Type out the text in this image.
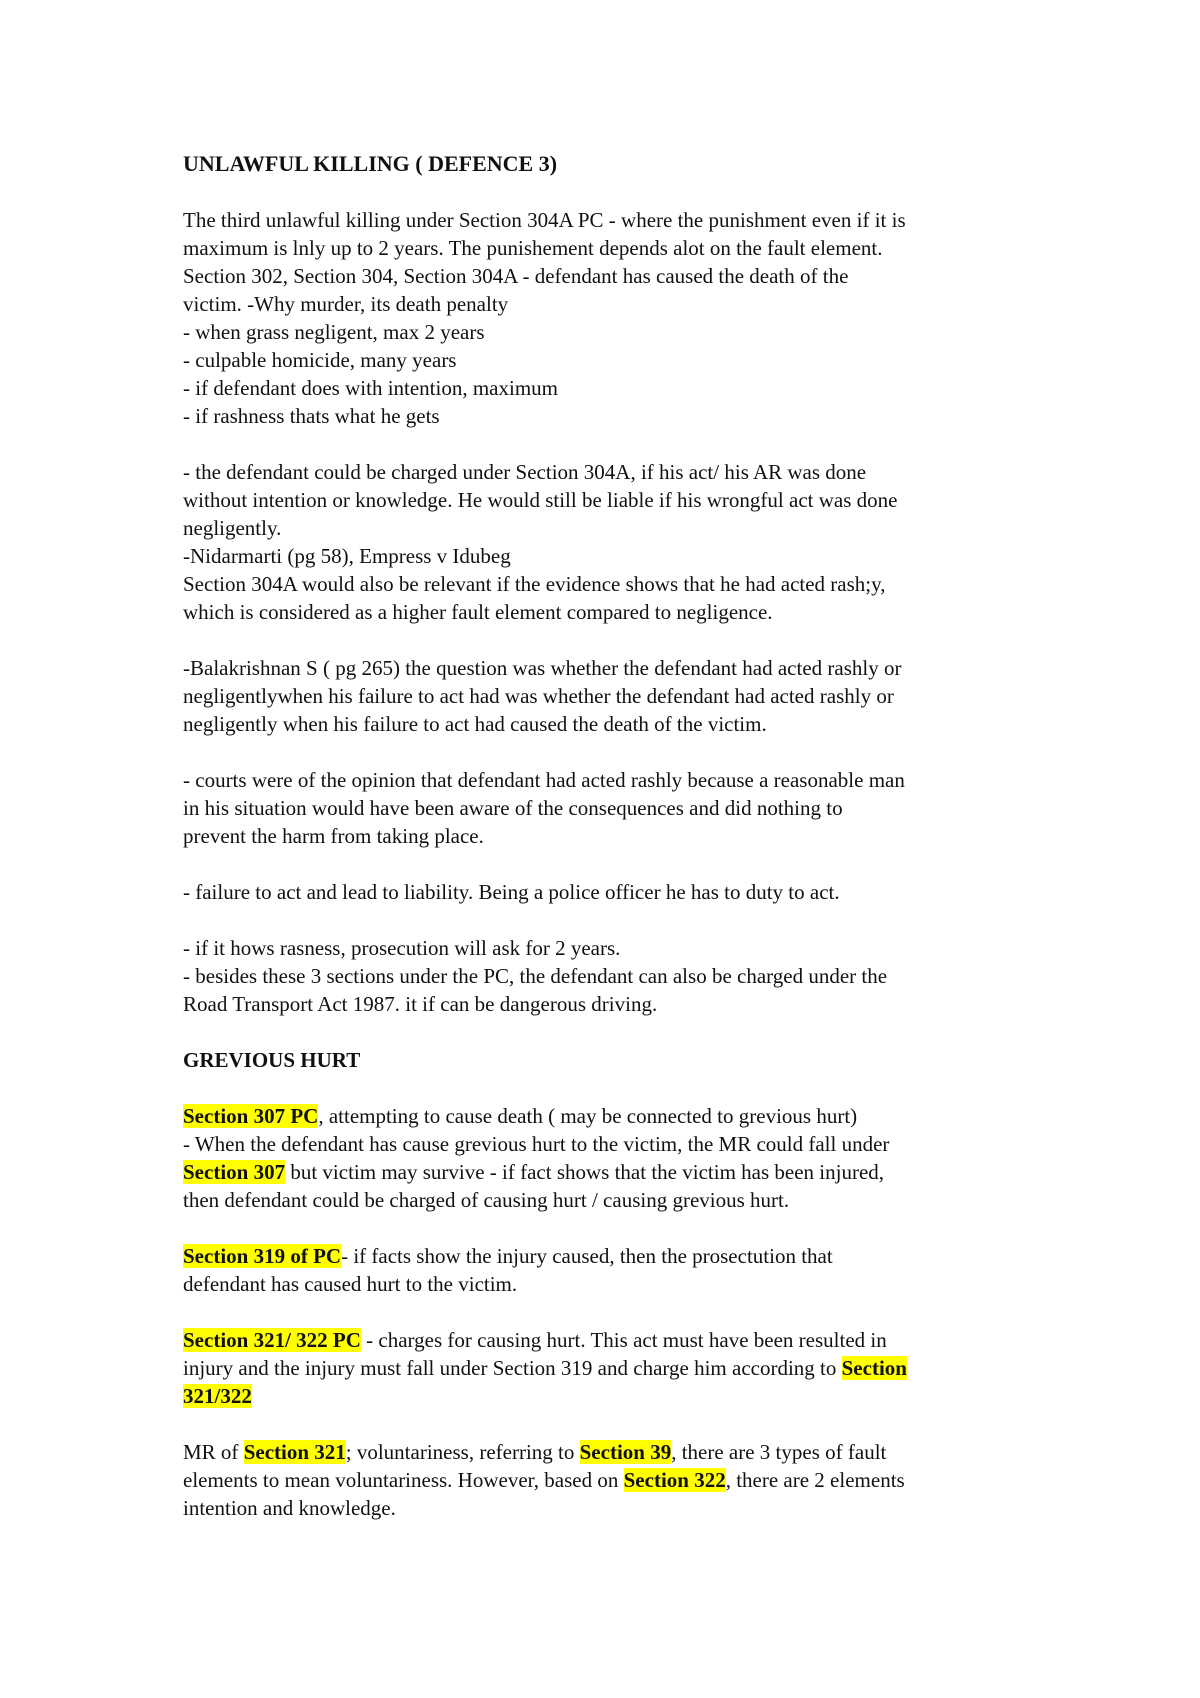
UNLAWFUL KILLING ( DEFENCE 3)
The third unlawful killing under Section 304A PC - where the punishment even if it is
maximum is lnly up to 2 years. The punishement depends alot on the fault element.
Section 302, Section 304, Section 304A - defendant has caused the death of the
victim. -Why murder, its death penalty
- when grass negligent, max 2 years
- culpable homicide, many years
- if defendant does with intention, maximum
- if rashness thats what he gets
- the defendant could be charged under Section 304A, if his act/ his AR was done
without intention or knowledge. He would still be liable if his wrongful act was done
negligently.
-Nidarmarti (pg 58), Empress v Idubeg
Section 304A would also be relevant if the evidence shows that he had acted rash;y,
which is considered as a higher fault element compared to negligence.
-Balakrishnan S ( pg 265) the question was whether the defendant had acted rashly or
negligentlywhen his failure to act had was whether the defendant had acted rashly or
negligently when his failure to act had caused the death of the victim.
- courts were of the opinion that defendant had acted rashly because a reasonable man
in his situation would have been aware of the consequences and did nothing to
prevent the harm from taking place.
- failure to act and lead to liability. Being a police officer he has to duty to act.
- if it hows rasness, prosecution will ask for 2 years.
- besides these 3 sections under the PC, the defendant can also be charged under the
Road Transport Act 1987. it if can be dangerous driving.
GREVIOUS HURT
Section 307 PC, attempting to cause death ( may be connected to grevious hurt)
- When the defendant has cause grevious hurt to the victim, the MR could fall under
Section 307 but victim may survive - if fact shows that the victim has been injured,
then defendant could be charged of causing hurt / causing grevious hurt.
Section 319 of PC- if facts show the injury caused, then the prosectution that
defendant has caused hurt to the victim.
Section 321/ 322 PC - charges for causing hurt. This act must have been resulted in
injury and the injury must fall under Section 319 and charge him according to Section
321/322
MR of Section 321; voluntariness, referring to Section 39, there are 3 types of fault
elements to mean voluntariness. However, based on Section 322, there are 2 elements
intention and knowledge.
